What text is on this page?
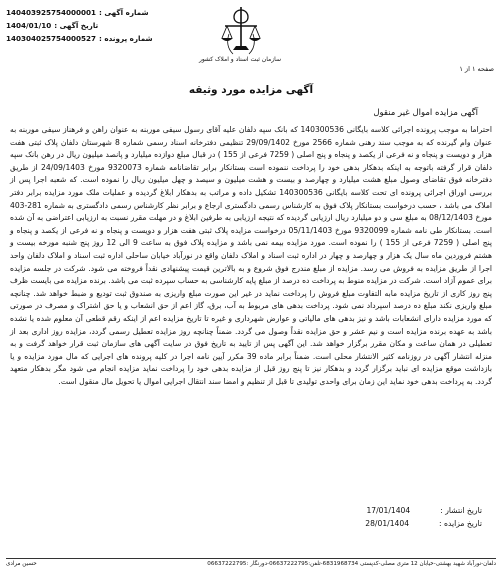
شماره آگهی :
140403925754000001
تاریخ آگهی :
1404/01/10
شماره پرونده :
140304025754000527
سازمان ثبت اسناد و املاک کشور
صفحه ۱ از ۱
آگهی مزایده مورد وثیقه
آگهی مزایده اموال غیر منقول

احتراما به موجب پرونده اجرائی کلاسه بایگانی 140300536 که بانک سپه دلفان علیه آقای رسول سیفی موربنه به عنوان راهن و فرهناز سیفی موربنه به عنوان وام گیرنده که به موجب سند رهنی شماره 2566 مورخ 29/09/1402 تنظیمی دفترخانه اسناد رسمی شماره 8 شهرستان دلفان پلاک ثبتی هفت هزار و دویست و پنجاه و نه فرعی از یکصد و پنجاه و پنج اصلی ( 7259 فرعی از 155 ) در قبال مبلغ دوازده میلیارد و پانصد میلیون ریال در رهن بانک سپه دلفان قرار گرفته باتوجه به اینکه بدهکار بدهی خود را پرداخت ننموده است بستانکار برابر تقاضانامه شماره 9320073 مورخ 24/09/1403 از طریق دفترخانه فوق تقاضای وصول مبلغ هشت میلیارد و چهارصد و بیست و هشت میلیون و سیصد و چهل میلیون ریال را نموده است. که شعبه اجرا پس از بررسی اوراق اجرائی پرونده ای تحت کلاسه بایگانی 140300536 تشکیل داده و مراتب به بدهکار ابلاغ گردیده و عملیات ملک مورد مزایده برابر دفتر املاک می باشد ، حسب درخواست بستانکار پلاک فوق به کارشناس رسمی دادگستری ارجاع و برابر نظر کارشناس رسمی دادگستری به شماره 281-403 مورخ 08/12/1403 به مبلغ سی و دو میلیارد ریال ارزیابی گردیده که نتیجه ارزیابی به طرفین ابلاغ و در مهلت مقرر نسبت به ارزیابی اعتراضی به آن شده است. بستانکار طی نامه شماره 9320099 مورخ 05/11/1403 درخواست مزایده پلاک ثبتی هفت هزار و دویست و پنجاه و نه فرعی از یکصد و پنجاه و پنج اصلی ( 7259 فرعی از 155 ) را نموده است. مورد مزایده بیمه نمی باشد و مزایده پلاک فوق به ساعت 9 الی 12 روز پنج شنبه مورخه بیست و هشتم فروردین ماه سال یک هزار و چهارصد و چهار در اداره ثبت اسناد و املاک دلفان واقع در نورآباد خیابان ساحلی اداره ثبت اسناد و املاک دلفان واحد اجرا از طریق مزایده به فروش می رسد. مزایده از مبلغ مندرج فوق شروع و به بالاترین قیمت پیشنهادی نقداً فروخته می شود. شرکت در جلسه مزایده برای عموم آزاد است. شرکت در مزایده منوط به پرداخت ده درصد از مبلغ پایه کارشناسی به حساب سپرده ثبت می باشد. برنده مزایده می بایست ظرف پنج روز کاری از تاریخ مزایده مابه التفاوت مبلغ فروش را پرداخت نماید در غیر این صورت مبلغ واریزی به صندوق ثبت تودیع و ضبط خواهد شد. چنانچه مبلغ واریزی نکند مبلغ ده درصد اسپرداد نمی شود. پرداخت بدهی های مربوط به آب، برق، گاز اعم از حق انشعاب و یا حق اشتراک و مصرف در صورتی که مورد مزایده دارای انشعابات باشد و نیز بدهی های مالیاتی و عوارض شهرداری و غیره تا تاریخ مزایده اعم از اینکه رقم قطعی آن معلوم شده یا نشده باشد به عهده برنده مزایده است و نیم عشر و حق مزایده نقداً وصول می گردد. ضمناً چنانچه روز مزایده تعطیل رسمی گردد، مزایده روز اداری بعد از تعطیلی در همان ساعت و مکان مقرر برگزار خواهد شد. این آگهی پس از تایید به تاریخ فوق در سایت آگهی های سازمان ثبت قرار خواهد گرفت و به منزله انتشار آگهی در روزنامه کثیر الانتشار محلی است. ضمناً برابر ماده 39 مکرر آیین نامه اجرا در کلیه پرونده های اجرایی که مال مورد مزایده و یا بازداشت موقع مزایده ای نباید برگزار گردد و بدهکار نیز تا پنج روز قبل از مزایده بدهی خود را پرداخت نماید مزایده انجام می شود مگر بدهکار متعهد گردد. به پرداخت بدهی خود نماید این زمان برای واحدی تولیدی تا قبل از تنظیم و امضا سند انتقال اجرایی اموال یا تحویل مال منقول است.

تاریخ انتشار :
17/01/1404
تاریخ مزایده :
28/01/1404
دلفان-نورآباد شهید بهشتی-خیابان 12 متری مصلی-کدپستی 6831968734-تلفن:06637222795-دورنگار :06637222795
حسین مرادی
